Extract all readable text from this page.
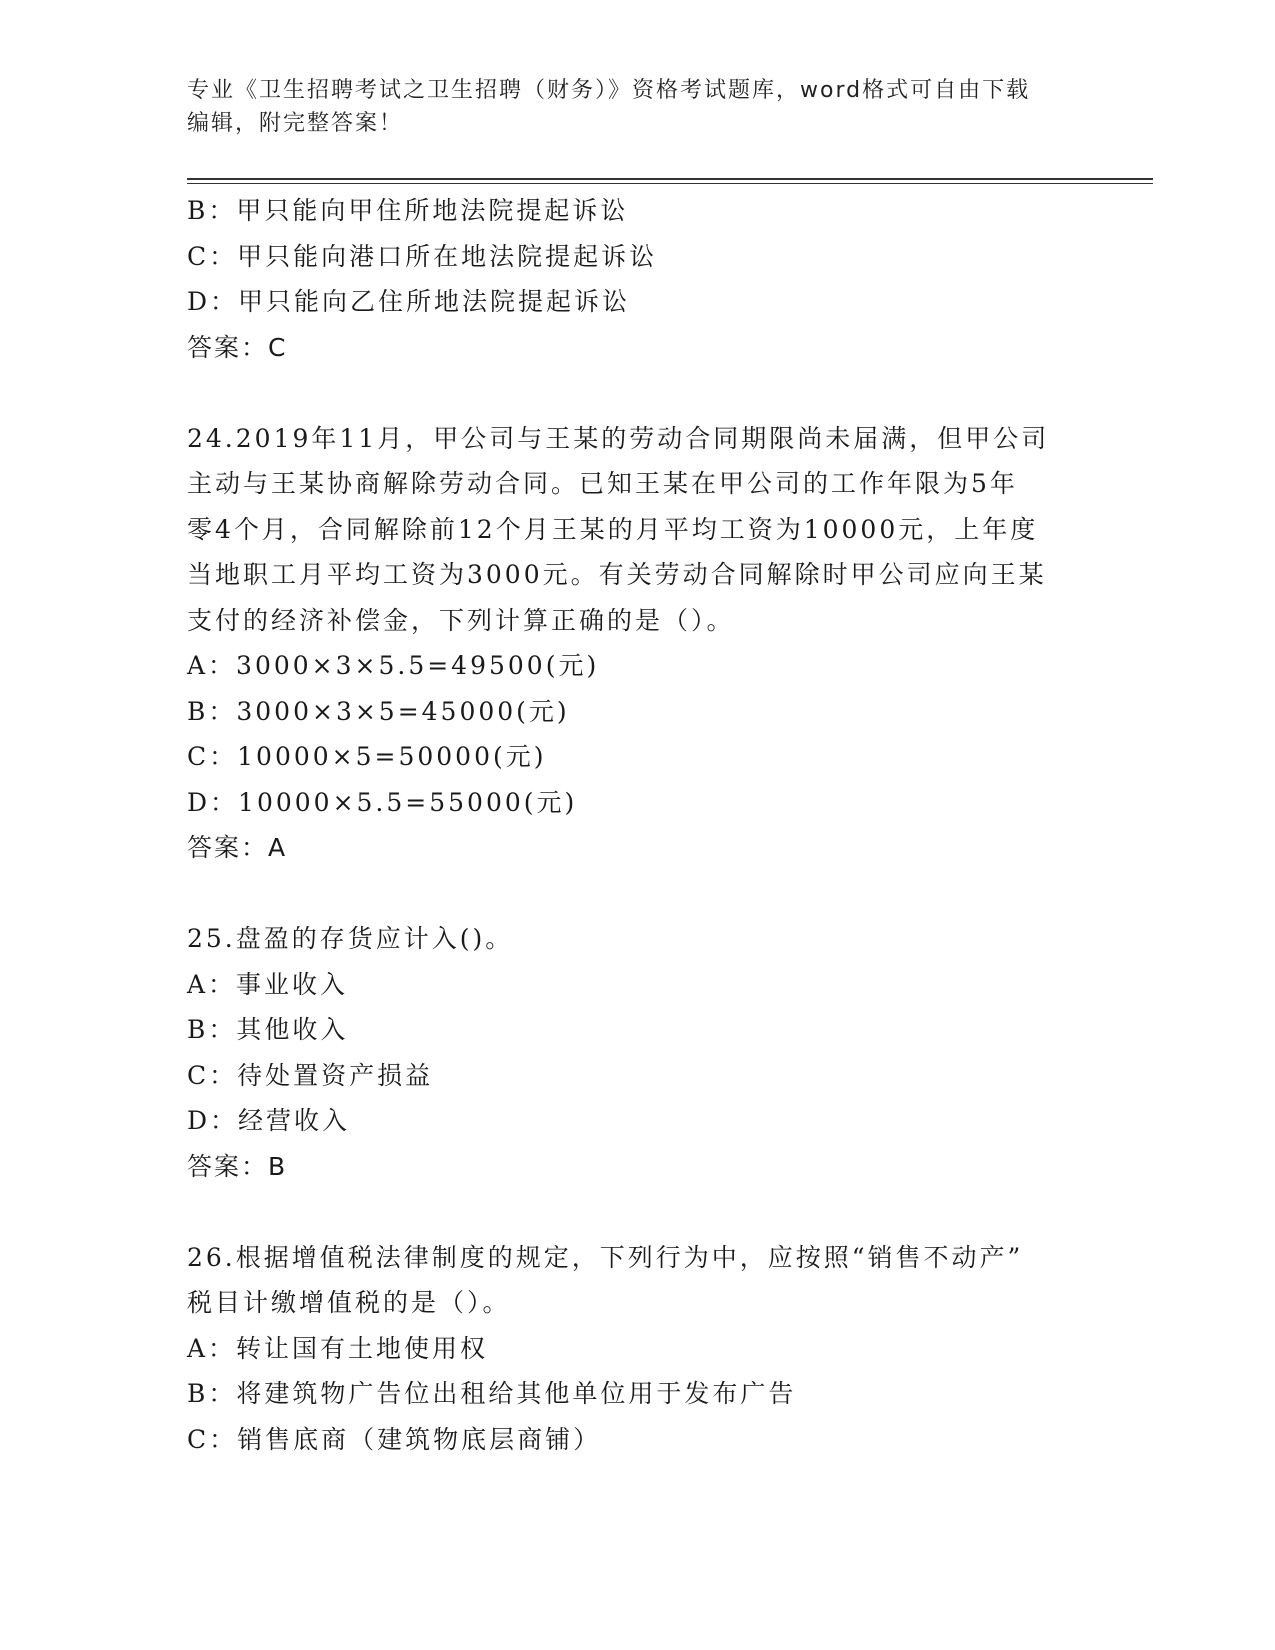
专业《卫生招聘考试之卫生招聘（财务）》资格考试题库，word格式可自由下载
编辑，附完整答案！
B：甲只能向甲住所地法院提起诉讼
C：甲只能向港口所在地法院提起诉讼
D：甲只能向乙住所地法院提起诉讼
答案：C
24.2019年11月，甲公司与王某的劳动合同期限尚未届满，但甲公司
主动与王某协商解除劳动合同。已知王某在甲公司的工作年限为5年
零4个月，合同解除前12个月王某的月平均工资为10000元，上年度
当地职工月平均工资为3000元。有关劳动合同解除时甲公司应向王某
支付的经济补偿金，下列计算正确的是（）。
A：3000×3×5.5=49500(元)
B：3000×3×5=45000(元)
C：10000×5=50000(元)
D：10000×5.5=55000(元)
答案：A
25.盘盈的存货应计入()。
A：事业收入
B：其他收入
C：待处置资产损益
D：经营收入
答案：B
26.根据增值税法律制度的规定，下列行为中，应按照“销售不动产”
税目计缴增值税的是（）。
A：转让国有土地使用权
B：将建筑物广告位出租给其他单位用于发布广告
C：销售底商（建筑物底层商铺）
